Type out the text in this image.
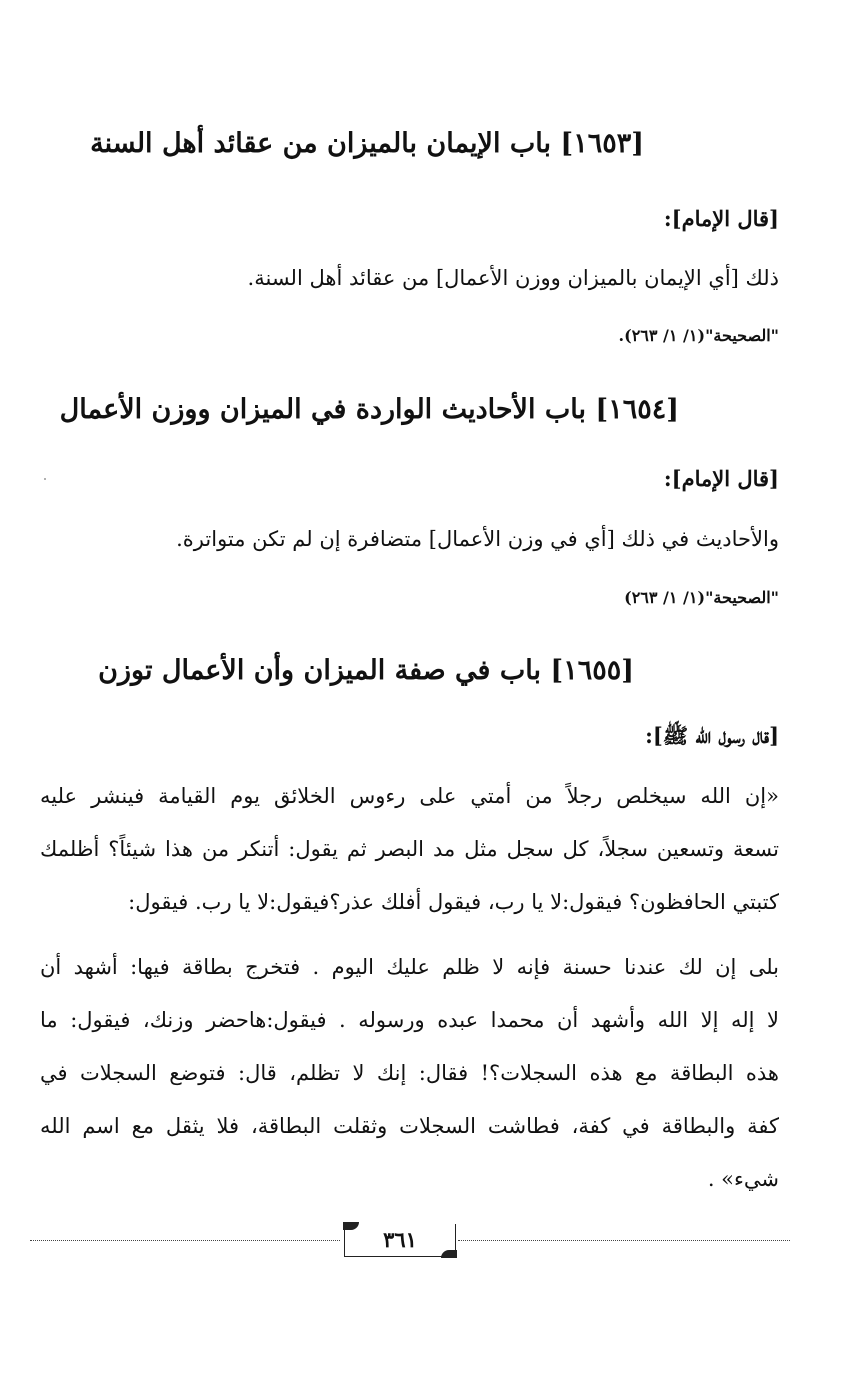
[١٦٥٣] باب الإيمان بالميزان من عقائد أهل السنة
[قال الإمام]:
ذلك [أي الإيمان بالميزان ووزن الأعمال] من عقائد أهل السنة.
"الصحيحة"(١/ ١/ ٢٦٣).
[١٦٥٤] باب الأحاديث الواردة في الميزان ووزن الأعمال
[قال الإمام]:
والأحاديث في ذلك [أي في وزن الأعمال] متضافرة إن لم تكن متواترة.
"الصحيحة"(١/ ١/ ٢٦٣)
[١٦٥٥] باب في صفة الميزان وأن الأعمال توزن
[قال رسول الله ﷺ]:
«إن الله سيخلص رجلاً من أمتي على رءوس الخلائق يوم القيامة فينشر عليه
تسعة وتسعين سجلاً، كل سجل مثل مد البصر ثم يقول: أتنكر من هذا شيئاً؟ أظلمك
كتبتي الحافظون؟ فيقول:لا يا رب، فيقول أفلك عذر؟فيقول:لا يا رب. فيقول:
بلى إن لك عندنا حسنة فإنه لا ظلم عليك اليوم . فتخرج بطاقة فيها: أشهد أن
لا إله إلا الله وأشهد أن محمدا عبده ورسوله . فيقول:هاحضر وزنك، فيقول: ما
هذه البطاقة مع هذه السجلات؟! فقال: إنك لا تظلم، قال: فتوضع السجلات في
كفة والبطاقة في كفة، فطاشت السجلات وثقلت البطاقة، فلا يثقل مع اسم الله
شيء» .
٣٦١
